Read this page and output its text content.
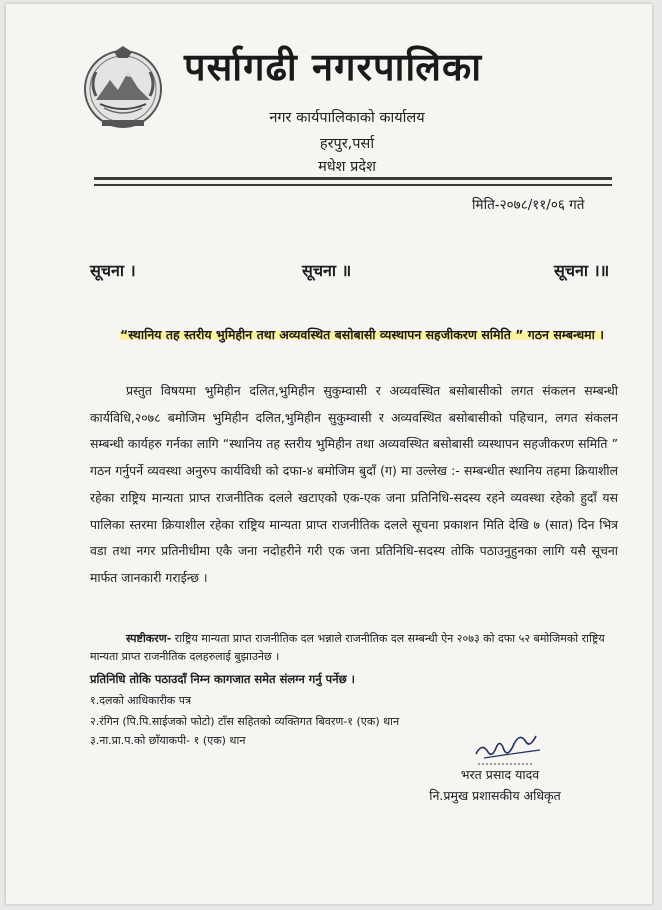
पर्सागढी नगरपालिका
नगर कार्यपालिकाको कार्यालय
हरपुर,पर्सा
मधेश प्रदेश
मिति-२०७८/११/०६ गते
सूचना ।	सूचना ॥	सूचना ।॥
“स्थानिय तह स्तरीय भुमिहीन तथा अव्यवस्थित बसोबासी व्यस्थापन सहजीकरण समिति ” गठन सम्बन्धमा ।
प्रस्तुत विषयमा भुमिहीन दलित,भुमिहीन सुकुम्वासी र अव्यवस्थित बसोबासीको लगत संकलन सम्बन्धी कार्यविधि,२०७८ बमोजिम भुमिहीन दलित,भुमिहीन सुकुम्वासी र अव्यवस्थित बसोबासीको पहिचान, लगत संकलन सम्बन्धी कार्यहरु गर्नका लागि “स्थानिय तह स्तरीय भुमिहीन तथा अव्यवस्थित बसोबासी व्यस्थापन सहजीकरण समिति ” गठन गर्नुपर्ने व्यवस्था अनुरुप कार्यविधी को दफा-४ बमोजिम बुदाँ (ग) मा उल्लेख :- सम्बन्धीत स्थानिय तहमा क्रियाशील रहेका राष्ट्रिय मान्यता प्राप्त राजनीतिक दलले खटाएको एक-एक जना प्रतिनिधि-सदस्य रहने व्यवस्था रहेको हुदाँ यस पालिका स्तरमा क्रियाशील रहेका राष्ट्रिय मान्यता प्राप्त राजनीतिक दलले सूचना प्रकाशन मिति देखि ७ (सात) दिन भित्र वडा तथा नगर प्रतिनीधीमा एकै जना नदोहरीने गरी एक जना प्रतिनिधि-सदस्य तोकि पठाउनुहुनका लागि यसै सूचना मार्फत जानकारी गराईन्छ ।
स्पष्टीकरण- राष्ट्रिय मान्यता प्राप्त राजनीतिक दल भन्नाले राजनीतिक दल सम्बन्धी ऐन २०७३ को दफा ५२ बमोजिमको राष्ट्रिय मान्यता प्राप्त राजनीतिक दलहरुलाई बुझाउनेछ ।
प्रतिनिधि तोकि पठाउदाँ निम्न कागजात समेत संलग्न गर्नु पर्नेछ ।
१.दलको आधिकारीक पत्र
२.रंगिन (पि.पि.साईजको फोटो) टाँस सहितको व्यक्तिगत बिवरण-१ (एक) थान
३.ना.प्रा.प.को छाँयाकपी- १ (एक) थान
भरत प्रसाद यादव
नि.प्रमुख प्रशासकीय अधिकृत
